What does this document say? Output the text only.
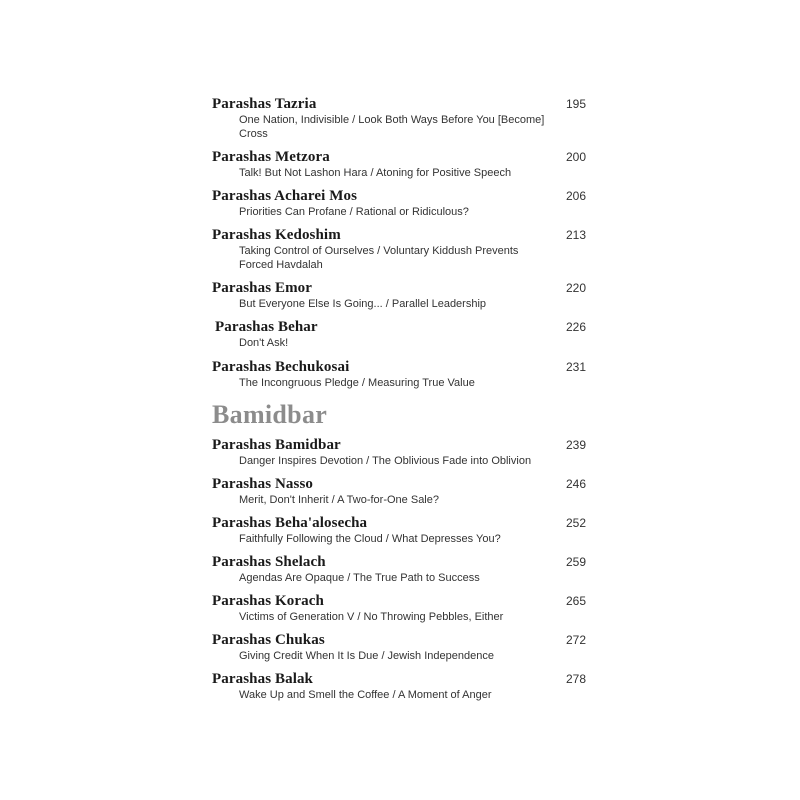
Parashas Tazria
One Nation, Indivisible / Look Both Ways Before You [Become] Cross
195
Parashas Metzora
Talk! But Not Lashon Hara / Atoning for Positive Speech
200
Parashas Acharei Mos
Priorities Can Profane / Rational or Ridiculous?
206
Parashas Kedoshim
Taking Control of Ourselves / Voluntary Kiddush Prevents Forced Havdalah
213
Parashas Emor
But Everyone Else Is Going... / Parallel Leadership
220
Parashas Behar
Don't Ask!
226
Parashas Bechukosai
The Incongruous Pledge / Measuring True Value
231
Bamidbar
Parashas Bamidbar
Danger Inspires Devotion / The Oblivious Fade into Oblivion
239
Parashas Nasso
Merit, Don't Inherit / A Two-for-One Sale?
246
Parashas Beha'alosecha
Faithfully Following the Cloud / What Depresses You?
252
Parashas Shelach
Agendas Are Opaque / The True Path to Success
259
Parashas Korach
Victims of Generation V / No Throwing Pebbles, Either
265
Parashas Chukas
Giving Credit When It Is Due / Jewish Independence
272
Parashas Balak
Wake Up and Smell the Coffee / A Moment of Anger
278
